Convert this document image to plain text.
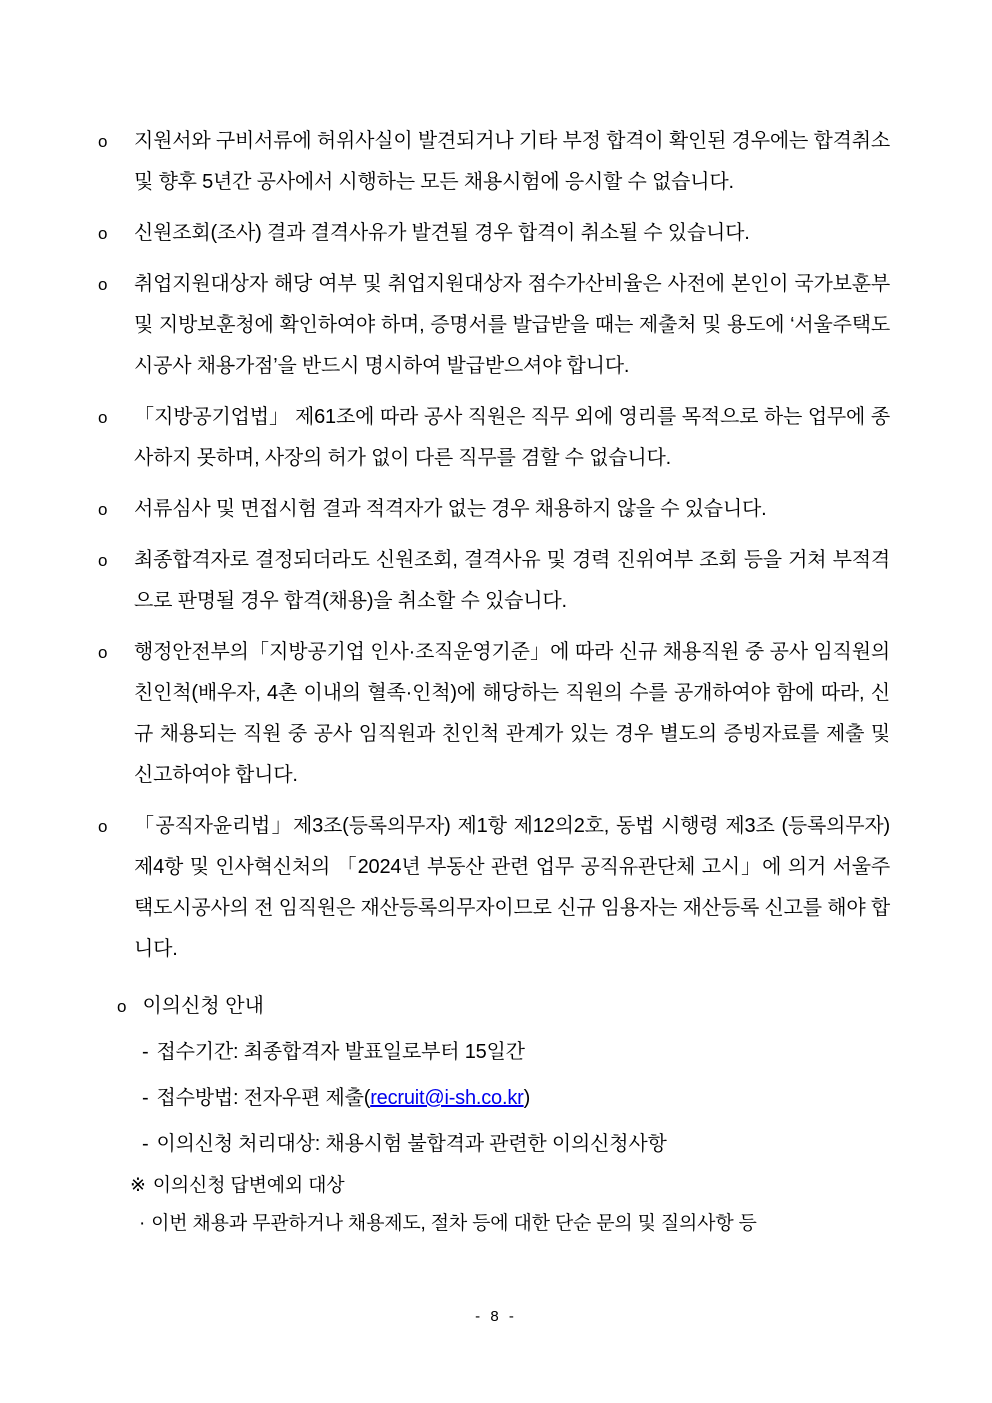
o 지원서와 구비서류에 허위사실이 발견되거나 기타 부정 합격이 확인된 경우에는 합격취소 및 향후 5년간 공사에서 시행하는 모든 채용시험에 응시할 수 없습니다.
o 신원조회(조사) 결과 결격사유가 발견될 경우 합격이 취소될 수 있습니다.
o 취업지원대상자 해당 여부 및 취업지원대상자 점수가산비율은 사전에 본인이 국가보훈부 및 지방보훈청에 확인하여야 하며, 증명서를 발급받을 때는 제출처 및 용도에 ‘서울주택도시공사 채용가점’을 반드시 명시하여 발급받으셔야 합니다.
o 「지방공기업법」 제61조에 따라 공사 직원은 직무 외에 영리를 목적으로 하는 업무에 종사하지 못하며, 사장의 허가 없이 다른 직무를 겸할 수 없습니다.
o 서류심사 및 면접시험 결과 적격자가 없는 경우 채용하지 않을 수 있습니다.
o 최종합격자로 결정되더라도 신원조회, 결격사유 및 경력 진위여부 조회 등을 거쳐 부적격으로 판명될 경우 합격(채용)을 취소할 수 있습니다.
o 행정안전부의「지방공기업 인사·조직운영기준」에 따라 신규 채용직원 중 공사 임직원의 친인척(배우자, 4촌 이내의 혈족·인척)에 해당하는 직원의 수를 공개하여야 함에 따라, 신규 채용되는 직원 중 공사 임직원과 친인척 관계가 있는 경우 별도의 증빙자료를 제출 및 신고하여야 합니다.
o 「공직자윤리법」제3조(등록의무자) 제1항 제12의2호, 동법 시행령 제3조 (등록의무자) 제4항 및 인사혁신처의 「2024년 부동산 관련 업무 공직유관단체 고시」에 의거 서울주택도시공사의 전 임직원은 재산등록의무자이므로 신규 임용자는 재산등록 신고를 해야 합니다.
o 이의신청 안내
- 접수기간: 최종합격자 발표일로부터 15일간
- 접수방법: 전자우편 제출(recruit@i-sh.co.kr)
- 이의신청 처리대상: 채용시험 불합격과 관련한 이의신청사항
※ 이의신청 답변예외 대상
· 이번 채용과 무관하거나 채용제도, 절차 등에 대한 단순 문의 및 질의사항 등
- 8 -
